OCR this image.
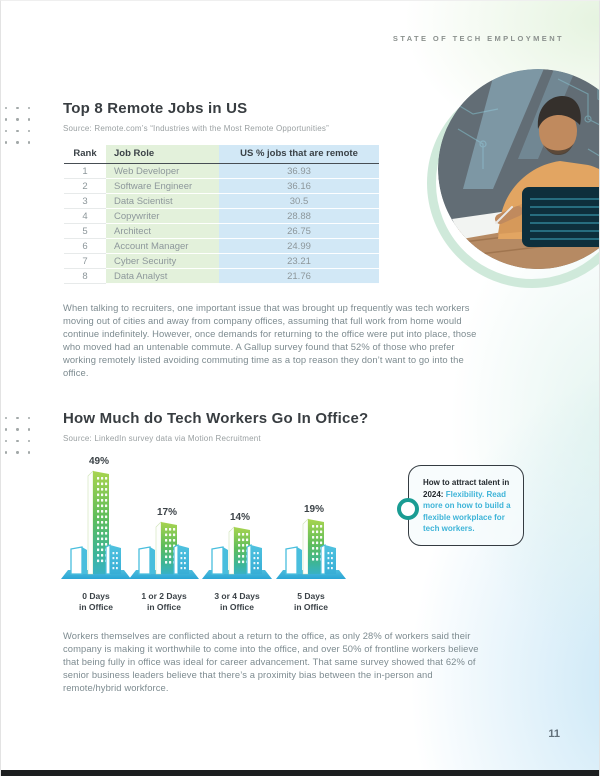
STATE OF TECH EMPLOYMENT
Top 8 Remote Jobs in US
Source: Remote.com’s “Industries with the Most Remote Opportunities”
Rank	Job Role	US % jobs that are remote
1	Web Developer	36.93
2	Software Engineer	36.16
3	Data Scientist	30.5
4	Copywriter	28.88
5	Architect	26.75
6	Account Manager	24.99
7	Cyber Security	23.21
8	Data Analyst	21.76

When talking to recruiters, one important issue that was brought up frequently was tech workers moving out of cities and away from company offices, assuming that full work from home would continue indefinitely. However, once demands for returning to the office were put into place, those who moved had an untenable commute. A Gallup survey found that 52% of those who prefer working remotely listed avoiding commuting time as a top reason they don’t want to go into the office.

How Much do Tech Workers Go In Office?
Source: LinkedIn survey data via Motion Recruitment
49%
0 Days
in Office
17%
1 or 2 Days
in Office
14%
3 or 4 Days
in Office
19%
5 Days
in Office
How to attract talent in 2024: Flexibility. Read more on how to build a flexible workplace for tech workers.

Workers themselves are conflicted about a return to the office, as only 28% of workers said their company is making it worthwhile to come into the office, and over 50% of frontline workers believe that being fully in office was ideal for career advancement. That same survey showed that 62% of senior business leaders believe that there’s a proximity bias between the in-person and remote/hybrid workforce.

11
